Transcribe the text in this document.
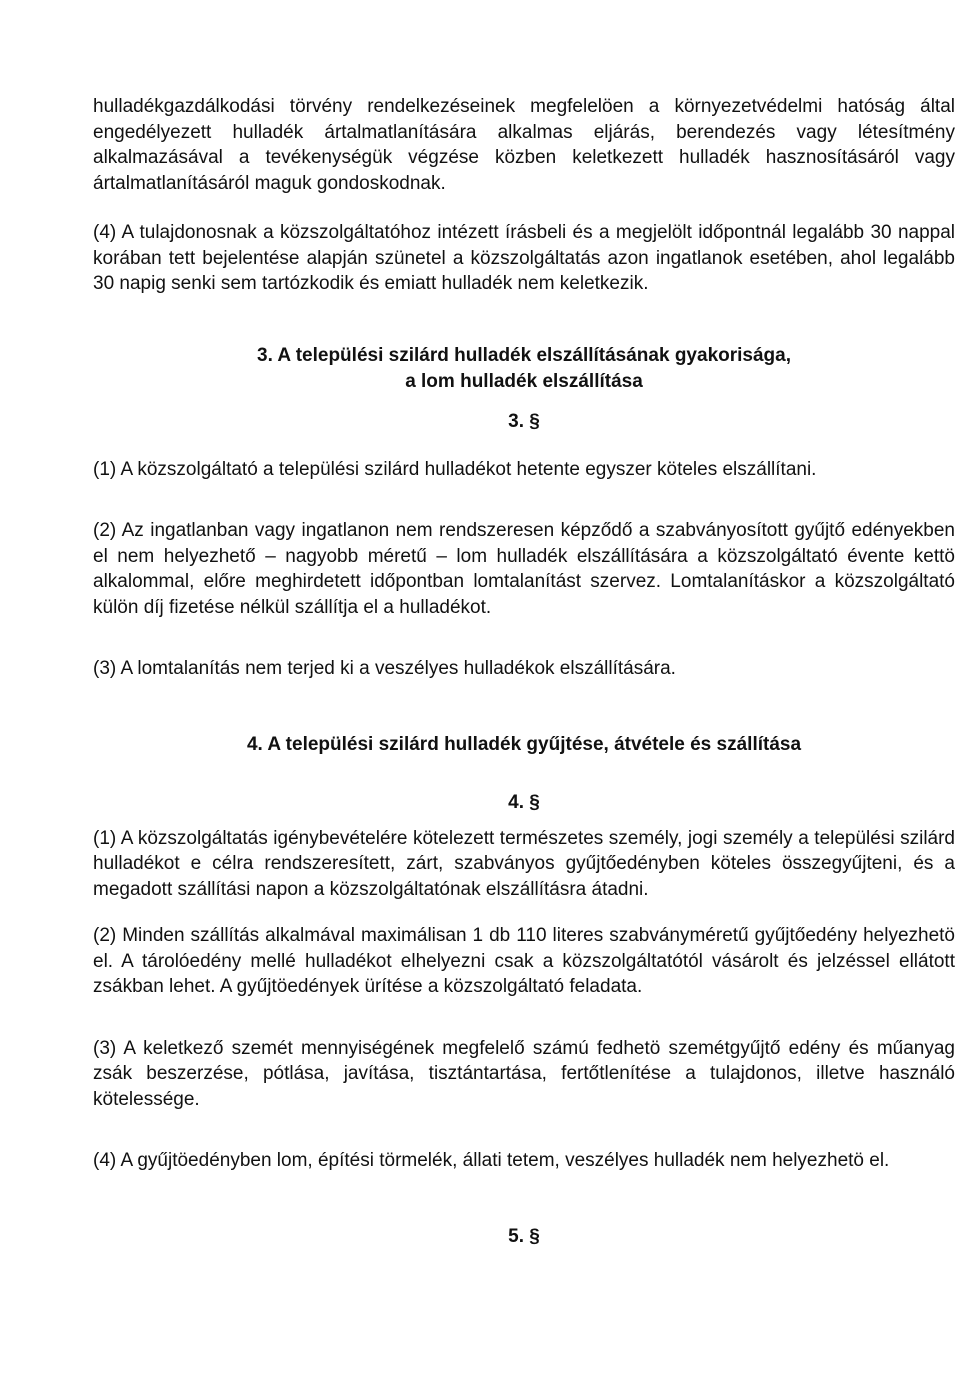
hulladékgazdálkodási törvény rendelkezéseinek megfelelöen a környezetvédelmi hatóság által engedélyezett hulladék ártalmatlanítására alkalmas eljárás, berendezés vagy létesítmény alkalmazásával a tevékenységük végzése közben keletkezett hulladék hasznosításáról vagy ártalmatlanításáról maguk gondoskodnak.

(4) A tulajdonosnak a közszolgáltatóhoz intézett írásbeli és a megjelölt időpontnál legalább 30 nappal korában tett bejelentése alapján szünetel a közszolgáltatás azon ingatlanok esetében, ahol legalább 30 napig senki sem tartózkodik és emiatt hulladék nem keletkezik.

3. A települési szilárd hulladék elszállításának gyakorisága,

a lom hulladék elszállítása

3. §

(1) A közszolgáltató a települési szilárd hulladékot hetente egyszer köteles elszállítani.

(2) Az ingatlanban vagy ingatlanon nem rendszeresen képződő a szabványosított gyűjtő edényekben el nem helyezhető – nagyobb méretű – lom hulladék elszállítására a közszolgáltató évente kettö alkalommal, előre meghirdetett időpontban lomtalanítást szervez. Lomtalanításkor a közszolgáltató külön díj fizetése nélkül szállítja el a hulladékot.

(3) A lomtalanítás nem terjed ki a veszélyes hulladékok elszállítására.

4. A települési szilárd hulladék gyűjtése, átvétele és szállítása

4. §

(1) A közszolgáltatás igénybevételére kötelezett természetes személy, jogi személy a települési szilárd hulladékot e célra rendszeresített, zárt, szabványos gyűjtőedényben köteles összegyűjteni, és a megadott szállítási napon a közszolgáltatónak elszállításra átadni.

(2) Minden szállítás alkalmával maximálisan 1 db 110 literes szabványméretű gyűjtőedény helyezhetö el. A tárolóedény mellé hulladékot elhelyezni csak a közszolgáltatótól vásárolt és jelzéssel ellátott zsákban lehet. A gyűjtöedények ürítése a közszolgáltató feladata.

(3) A keletkező szemét mennyiségének megfelelő számú fedhetö szemétgyűjtő edény és műanyag zsák beszerzése, pótlása, javítása, tisztántartása, fertőtlenítése a tulajdonos, illetve használó kötelessége.

(4) A gyűjtöedényben lom, építési törmelék, állati tetem, veszélyes hulladék nem helyezhetö el.

5. §
